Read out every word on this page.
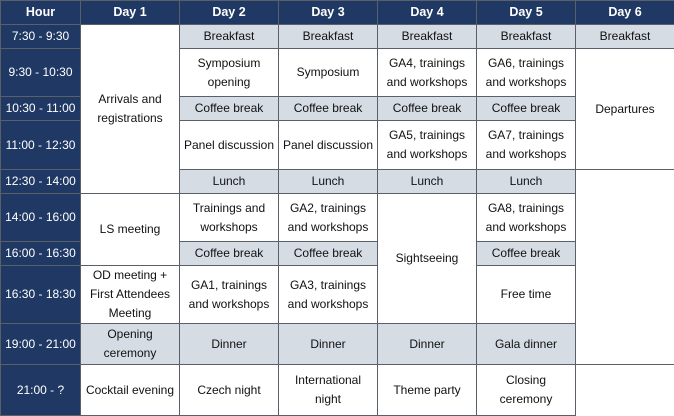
Hour	Day 1	Day 2	Day 3	Day 4	Day 5	Day 6
7:30 - 9:30	Arrivals and registrations	Breakfast	Breakfast	Breakfast	Breakfast	Breakfast
9:30 - 10:30		Symposium opening	Symposium	GA4, trainings and workshops	GA6, trainings and workshops	Departures
10:30 - 11:00		Coffee break	Coffee break	Coffee break	Coffee break	
11:00 - 12:30		Panel discussion	Panel discussion	GA5, trainings and workshops	GA7, trainings and workshops	
12:30 - 14:00		Lunch	Lunch	Lunch	Lunch	
14:00 - 16:00	LS meeting	Trainings and workshops	GA2, trainings and workshops	Sightseeing	GA8, trainings and workshops	
16:00 - 16:30		Coffee break	Coffee break		Coffee break	
16:30 - 18:30	OD meeting + First Attendees Meeting	GA1, trainings and workshops	GA3, trainings and workshops		Free time	
19:00 - 21:00	Opening ceremony	Dinner	Dinner	Dinner	Gala dinner	
21:00 - ?	Cocktail evening	Czech night	International night	Theme party	Closing ceremony	
